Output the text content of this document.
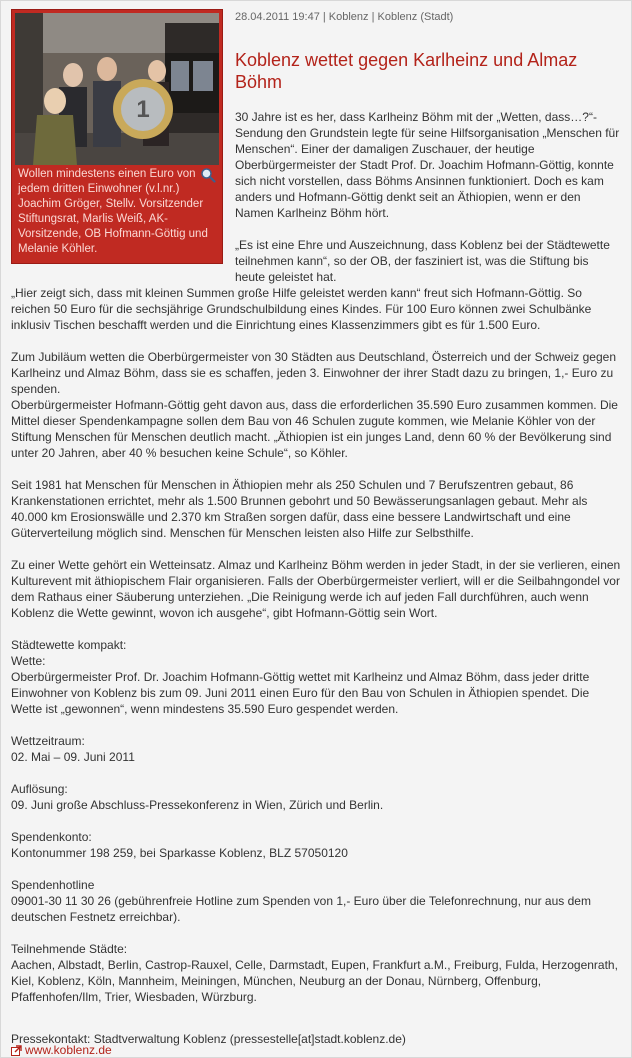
1
Wollen mindestens einen Euro von jedem dritten Einwohner (v.l.nr.) Joachim Gröger, Stellv. Vorsitzender Stiftungsrat, Marlis Weiß, AK-Vorsitzende, OB Hofmann-Göttig und Melanie Köhler.
28.04.2011 19:47 | Koblenz | Koblenz (Stadt)
Koblenz wettet gegen Karlheinz und Almaz Böhm

30 Jahre ist es her, dass Karlheinz Böhm mit der „Wetten, dass…?“-Sendung den Grundstein legte für seine Hilfsorganisation „Menschen für Menschen“. Einer der damaligen Zuschauer, der heutige Oberbürgermeister der Stadt Prof. Dr. Joachim Hofmann-Göttig, konnte sich nicht vorstellen, dass Böhms Ansinnen funktioniert. Doch es kam anders und Hofmann-Göttig denkt seit an Äthiopien, wenn er den Namen Karlheinz Böhm hört.

„Es ist eine Ehre und Auszeichnung, dass Koblenz bei der Städtewette teilnehmen kann“, so der OB, der fasziniert ist, was die Stiftung bis heute geleistet hat.

„Hier zeigt sich, dass mit kleinen Summen große Hilfe geleistet werden kann“ freut sich Hofmann-Göttig. So reichen 50 Euro für die sechsjährige Grundschulbildung eines Kindes. Für 100 Euro können zwei Schulbänke inklusiv Tischen beschafft werden und die Einrichtung eines Klassenzimmers gibt es für 1.500 Euro.

Zum Jubiläum wetten die Oberbürgermeister von 30 Städten aus Deutschland, Österreich und der Schweiz gegen Karlheinz und Almaz Böhm, dass sie es schaffen, jeden 3. Einwohner der ihrer Stadt dazu zu bringen, 1,- Euro zu spenden.

Oberbürgermeister Hofmann-Göttig geht davon aus, dass die erforderlichen 35.590 Euro zusammen kommen. Die Mittel dieser Spendenkampagne sollen dem Bau von 46 Schulen zugute kommen, wie Melanie Köhler von der Stiftung Menschen für Menschen deutlich macht. „Äthiopien ist ein junges Land, denn 60 % der Bevölkerung sind unter 20 Jahren, aber 40 % besuchen keine Schule“, so Köhler.

Seit 1981 hat Menschen für Menschen in Äthiopien mehr als 250 Schulen und 7 Berufszentren gebaut, 86 Krankenstationen errichtet, mehr als 1.500 Brunnen gebohrt und 50 Bewässerungsanlagen gebaut. Mehr als 40.000 km Erosionswälle und 2.370 km Straßen sorgen dafür, dass eine bessere Landwirtschaft und eine Güterverteilung möglich sind. Menschen für Menschen leisten also Hilfe zur Selbsthilfe.

Zu einer Wette gehört ein Wetteinsatz. Almaz und Karlheinz Böhm werden in jeder Stadt, in der sie verlieren, einen Kulturevent mit äthiopischem Flair organisieren. Falls der Oberbürgermeister verliert, will er die Seilbahngondel vor dem Rathaus einer Säuberung unterziehen. „Die Reinigung werde ich auf jeden Fall durchführen, auch wenn Koblenz die Wette gewinnt, wovon ich ausgehe“, gibt Hofmann-Göttig sein Wort.

Städtewette kompakt:
Wette:

Oberbürgermeister Prof. Dr. Joachim Hofmann-Göttig wettet mit Karlheinz und Almaz Böhm, dass jeder dritte Einwohner von Koblenz bis zum 09. Juni 2011 einen Euro für den Bau von Schulen in Äthiopien spendet. Die Wette ist „gewonnen“, wenn mindestens 35.590 Euro gespendet werden.

Wettzeitraum:

02. Mai – 09. Juni 2011

Auflösung:

09. Juni große Abschluss-Pressekonferenz in Wien, Zürich und Berlin.

Spendenkonto:

Kontonummer 198 259, bei Sparkasse Koblenz, BLZ 57050120

Spendenhotline

09001-30 11 30 26 (gebührenfreie Hotline zum Spenden von 1,- Euro über die Telefonrechnung, nur aus dem deutschen Festnetz erreichbar).

Teilnehmende Städte:
Aachen, Albstadt, Berlin, Castrop-Rauxel, Celle, Darmstadt, Eupen, Frankfurt a.M., Freiburg, Fulda, Herzogenrath, Kiel, Koblenz, Köln, Mannheim, Meiningen, München, Neuburg an der Donau, Nürnberg, Offenburg, Pfaffenhofen/Ilm, Trier, Wiesbaden, Würzburg.
Pressekontakt: Stadtverwaltung Koblenz (pressestelle[at]stadt.koblenz.de)
www.koblenz.de
